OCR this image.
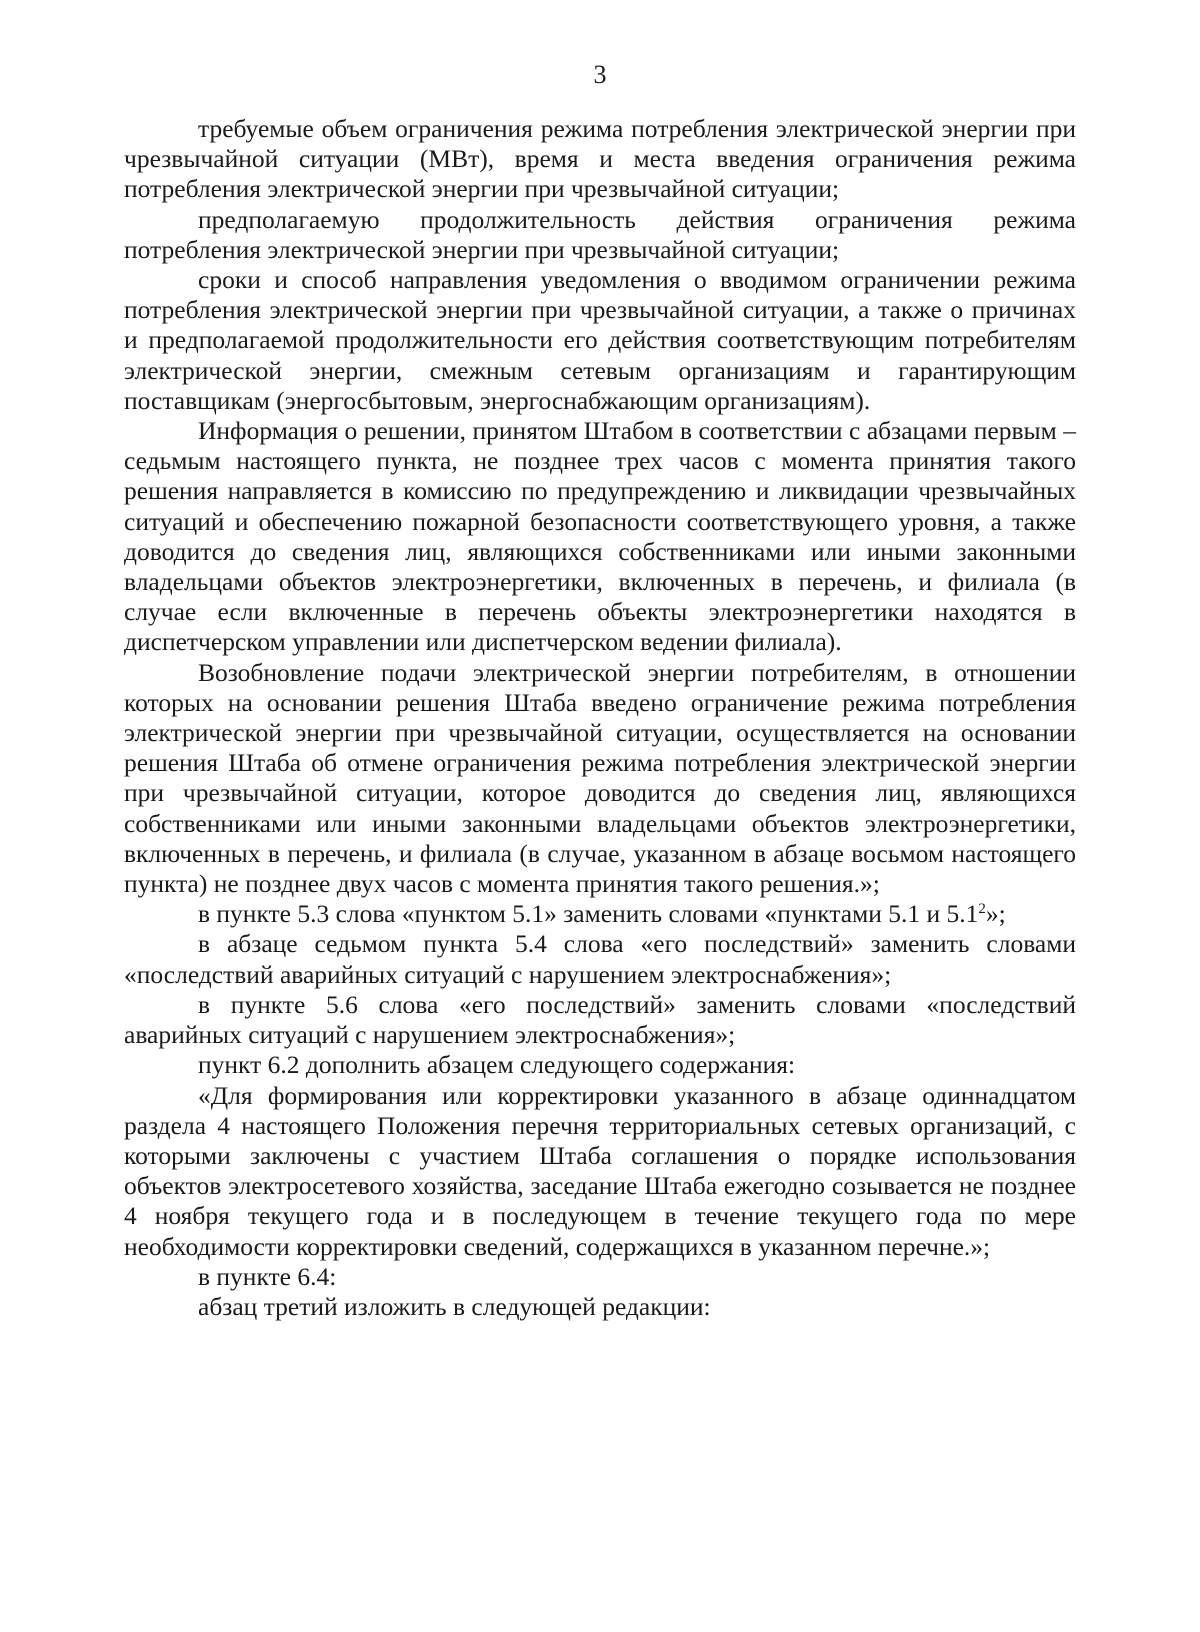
3

требуемые объем ограничения режима потребления электрической энергии при чрезвычайной ситуации (МВт), время и места введения ограничения режима потребления электрической энергии при чрезвычайной ситуации;

предполагаемую продолжительность действия ограничения режима потребления электрической энергии при чрезвычайной ситуации;

сроки и способ направления уведомления о вводимом ограничении режима потребления электрической энергии при чрезвычайной ситуации, а также о причинах и предполагаемой продолжительности его действия соответствующим потребителям электрической энергии, смежным сетевым организациям и гарантирующим поставщикам (энергосбытовым, энергоснабжающим организациям).

Информация о решении, принятом Штабом в соответствии с абзацами первым – седьмым настоящего пункта, не позднее трех часов с момента принятия такого решения направляется в комиссию по предупреждению и ликвидации чрезвычайных ситуаций и обеспечению пожарной безопасности соответствующего уровня, а также доводится до сведения лиц, являющихся собственниками или иными законными владельцами объектов электроэнергетики, включенных в перечень, и филиала (в случае если включенные в перечень объекты электроэнергетики находятся в диспетчерском управлении или диспетчерском ведении филиала).

Возобновление подачи электрической энергии потребителям, в отношении которых на основании решения Штаба введено ограничение режима потребления электрической энергии при чрезвычайной ситуации, осуществляется на основании решения Штаба об отмене ограничения режима потребления электрической энергии при чрезвычайной ситуации, которое доводится до сведения лиц, являющихся собственниками или иными законными владельцами объектов электроэнергетики, включенных в перечень, и филиала (в случае, указанном в абзаце восьмом настоящего пункта) не позднее двух часов с момента принятия такого решения.»;

в пункте 5.3 слова «пунктом 5.1» заменить словами «пунктами 5.1 и $5.1^2$»;

в абзаце седьмом пункта 5.4 слова «его последствий» заменить словами «последствий аварийных ситуаций с нарушением электроснабжения»;

в пункте 5.6 слова «его последствий» заменить словами «последствий аварийных ситуаций с нарушением электроснабжения»;

пункт 6.2 дополнить абзацем следующего содержания:

«Для формирования или корректировки указанного в абзаце одиннадцатом раздела 4 настоящего Положения перечня территориальных сетевых организаций, с которыми заключены с участием Штаба соглашения о порядке использования объектов электросетевого хозяйства, заседание Штаба ежегодно созывается не позднее 4 ноября текущего года и в последующем в течение текущего года по мере необходимости корректировки сведений, содержащихся в указанном перечне.»;

в пункте 6.4:

абзац третий изложить в следующей редакции:
